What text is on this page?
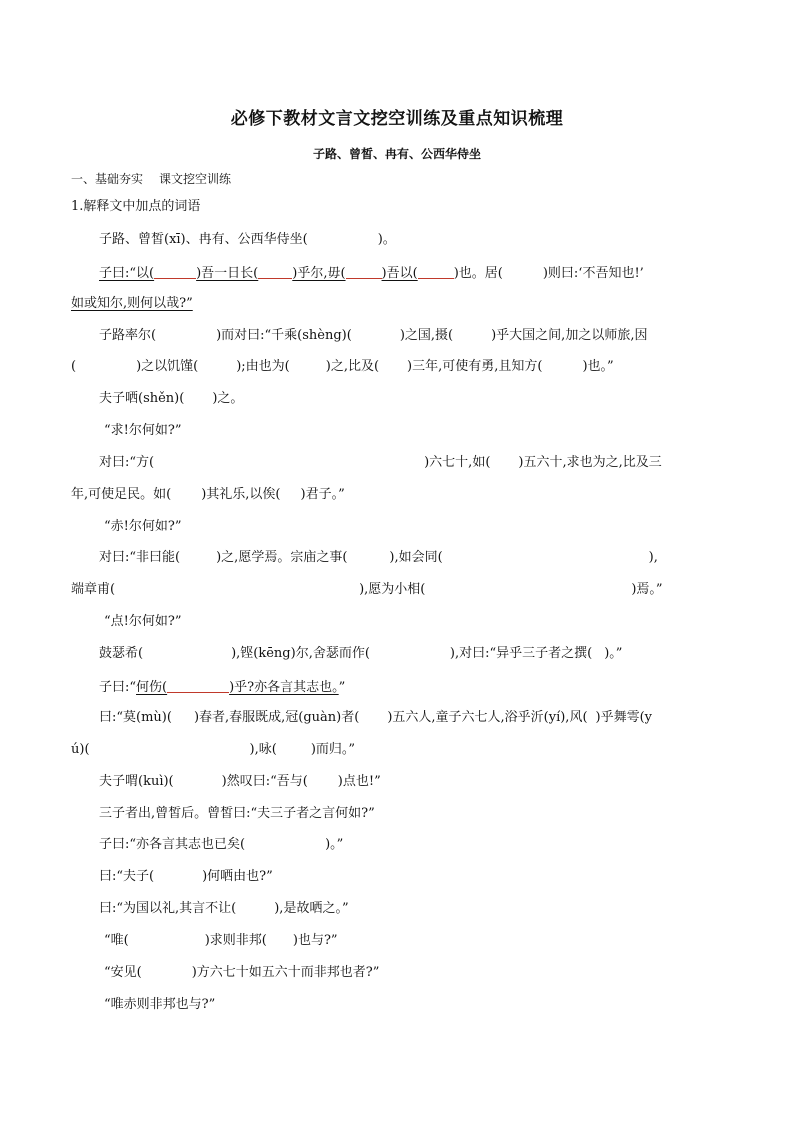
必修下教材文言文挖空训练及重点知识梳理
子路、曾皙、冉有、公西华侍坐
一、基础夯实 课文挖空训练
1.解释文中加点的词语
子路、曾皙(xī)、冉有、公西华侍坐(	)。
子曰:“以(	)吾一日长(	)乎尔,毋(	)吾以(	)也。居(	)则曰:‘不吾知也!’
如或知尔,则何以哉?”
子路率尔(	)而对曰:“千乘(shèng)(	)之国,摄(	)乎大国之间,加之以师旅,因
(	)之以饥馑(	);由也为(	)之,比及( )三年,可使有勇,且知方(	)也。”
夫子哂(shěn)( )之。
“求!尔何如?”
对曰:“方(	)六七十,如( )五六十,求也为之,比及三
年,可使足民。如( )其礼乐,以俟( )君子。”
“赤!尔何如?”
对曰:“非曰能(	)之,愿学焉。宗庙之事(	),如会同(	),
端章甫(	),愿为小相(	)焉。”
“点!尔何如?”
鼓瑟希(	),铿(kēng)尔,舍瑟而作(	),对曰:“异乎三子者之撰( )。”
子曰:“何伤(	)乎?亦各言其志也。”
曰:“莫(mù)( )春者,春服既成,冠(guàn)者( )五六人,童子六七人,浴乎沂(yí),风( )乎舞雩(y
ú)(	),咏(	)而归。”
夫子喟(kuì)(	)然叹曰:“吾与( )点也!”
三子者出,曾皙后。曾皙曰:“夫三子者之言何如?”
子曰:“亦各言其志也已矣(	)。”
曰:“夫子(	)何哂由也?”
曰:“为国以礼,其言不让(	),是故哂之。”
“唯(	)求则非邦( )也与?”
“安见(	)方六七十如五六十而非邦也者?”
“唯赤则非邦也与?”
